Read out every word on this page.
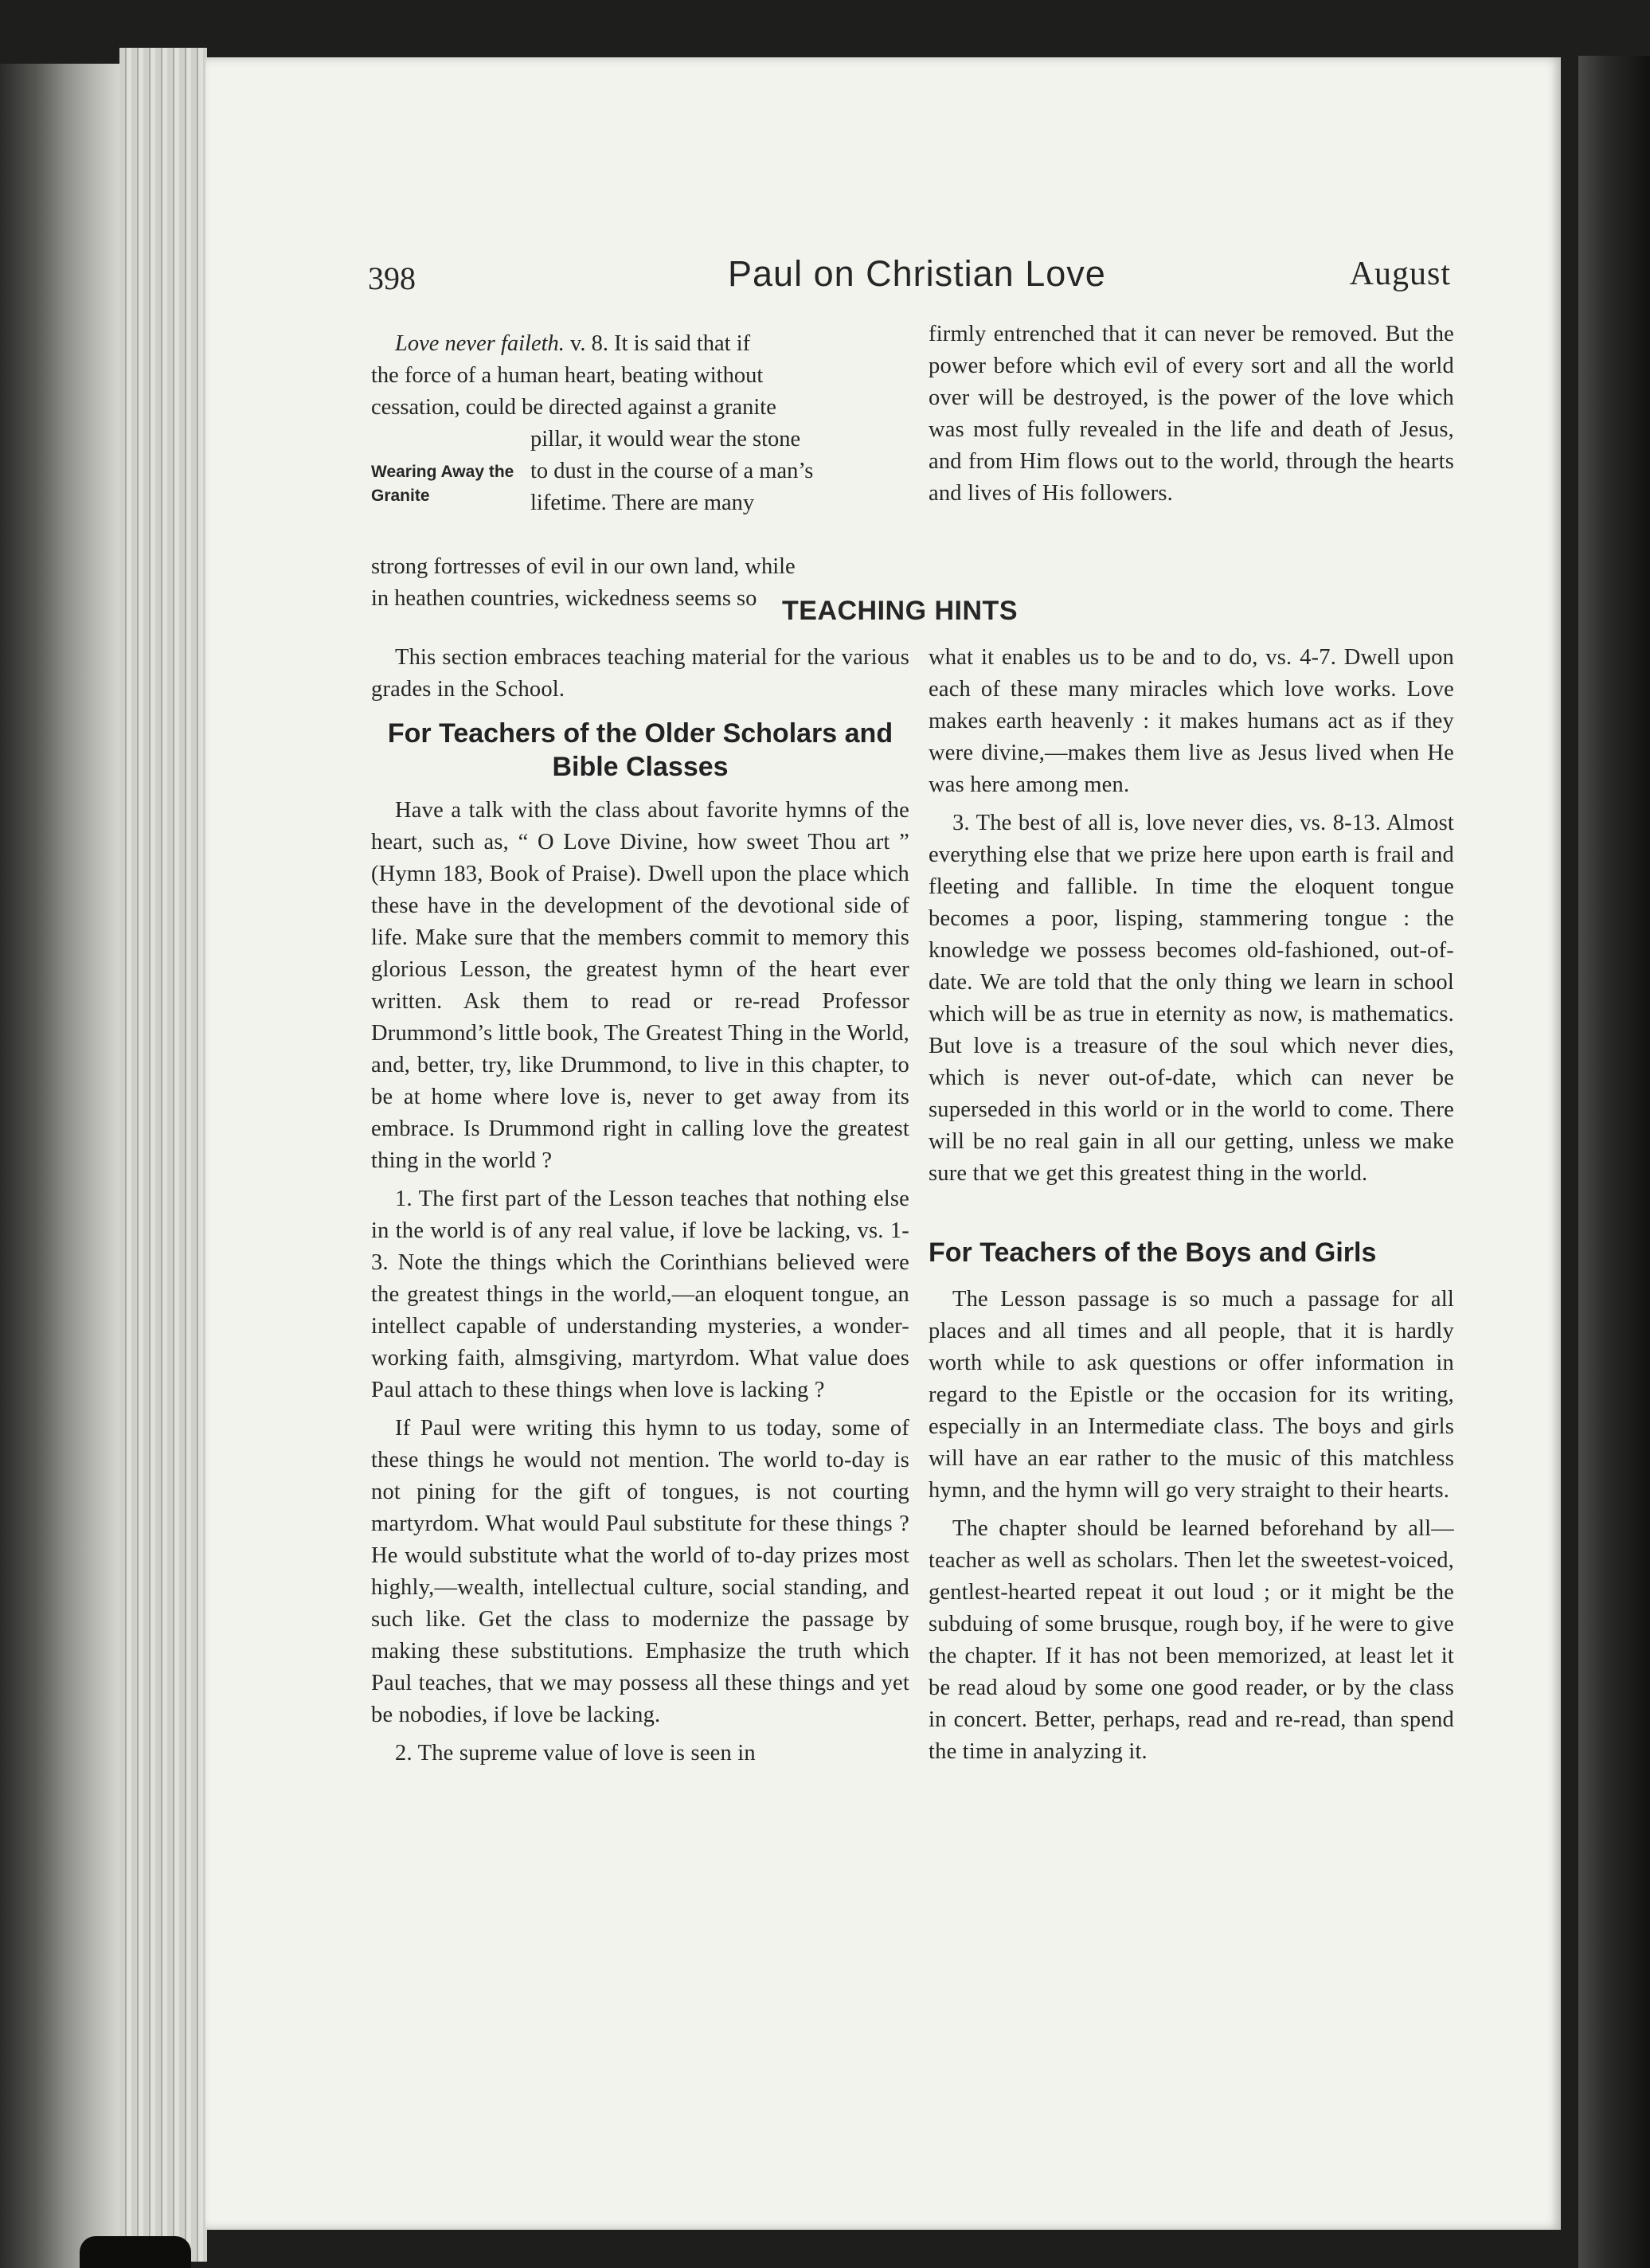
398	Paul on Christian Love	August
Love never faileth. v. 8. It is said that if
the force of a human heart, beating without
cessation, could be directed against a granite
Wearing Away the Granite
pillar, it would wear the stone
to dust in the course of a man’s
lifetime. There are many
strong fortresses of evil in our own land, while
in heathen countries, wickedness seems so

firmly entrenched that it can never be removed. But the power before which evil of every sort and all the world over will be destroyed, is the power of the love which was most fully revealed in the life and death of Jesus, and from Him flows out to the world, through the hearts and lives of His followers.

TEACHING HINTS

This section embraces teaching material for the various grades in the School.

For Teachers of the Older Scholars and Bible Classes

Have a talk with the class about favorite hymns of the heart, such as, “ O Love Divine, how sweet Thou art ” (Hymn 183, Book of Praise). Dwell upon the place which these have in the development of the devotional side of life. Make sure that the members commit to memory this glorious Lesson, the greatest hymn of the heart ever written. Ask them to read or re-read Professor Drummond’s little book, The Greatest Thing in the World, and, better, try, like Drummond, to live in this chapter, to be at home where love is, never to get away from its embrace. Is Drummond right in calling love the greatest thing in the world ?

1. The first part of the Lesson teaches that nothing else in the world is of any real value, if love be lacking, vs. 1-3. Note the things which the Corinthians believed were the greatest things in the world,—an eloquent tongue, an intellect capable of understanding mysteries, a wonder-working faith, almsgiving, martyrdom. What value does Paul attach to these things when love is lacking ?

If Paul were writing this hymn to us today, some of these things he would not mention. The world to-day is not pining for the gift of tongues, is not courting martyrdom. What would Paul substitute for these things ? He would substitute what the world of to-day prizes most highly,—wealth, intellectual culture, social standing, and such like. Get the class to modernize the passage by making these substitutions. Emphasize the truth which Paul teaches, that we may possess all these things and yet be nobodies, if love be lacking.

2. The supreme value of love is seen in

what it enables us to be and to do, vs. 4-7. Dwell upon each of these many miracles which love works. Love makes earth heavenly : it makes humans act as if they were divine,—makes them live as Jesus lived when He was here among men.

3. The best of all is, love never dies, vs. 8-13. Almost everything else that we prize here upon earth is frail and fleeting and fallible. In time the eloquent tongue becomes a poor, lisping, stammering tongue : the knowledge we possess becomes old-fashioned, out-of-date. We are told that the only thing we learn in school which will be as true in eternity as now, is mathematics. But love is a treasure of the soul which never dies, which is never out-of-date, which can never be superseded in this world or in the world to come. There will be no real gain in all our getting, unless we make sure that we get this greatest thing in the world.

For Teachers of the Boys and Girls

The Lesson passage is so much a passage for all places and all times and all people, that it is hardly worth while to ask questions or offer information in regard to the Epistle or the occasion for its writing, especially in an Intermediate class. The boys and girls will have an ear rather to the music of this matchless hymn, and the hymn will go very straight to their hearts.

The chapter should be learned beforehand by all—teacher as well as scholars. Then let the sweetest-voiced, gentlest-hearted repeat it out loud ; or it might be the subduing of some brusque, rough boy, if he were to give the chapter. If it has not been memorized, at least let it be read aloud by some one good reader, or by the class in concert. Better, perhaps, read and re-read, than spend the time in analyzing it.
